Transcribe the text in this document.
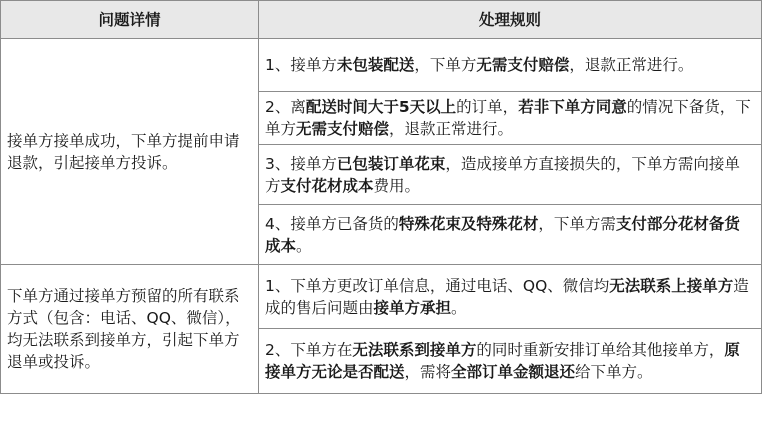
问题详情	处理规则
接单方接单成功，下单方提前申请退款，引起接单方投诉。	1、接单方未包装配送，下单方无需支付赔偿，退款正常进行。
	2、离配送时间大于5天以上的订单，若非下单方同意的情况下备货，下单方无需支付赔偿，退款正常进行。
	3、接单方已包装订单花束，造成接单方直接损失的，下单方需向接单方支付花材成本费用。
	4、接单方已备货的特殊花束及特殊花材，下单方需支付部分花材备货成本。
下单方通过接单方预留的所有联系方式（包含：电话、QQ、微信），均无法联系到接单方，引起下单方退单或投诉。	1、下单方更改订单信息，通过电话、QQ、微信均无法联系上接单方造成的售后问题由接单方承担。
	2、下单方在无法联系到接单方的同时重新安排订单给其他接单方，原接单方无论是否配送，需将全部订单金额退还给下单方。
